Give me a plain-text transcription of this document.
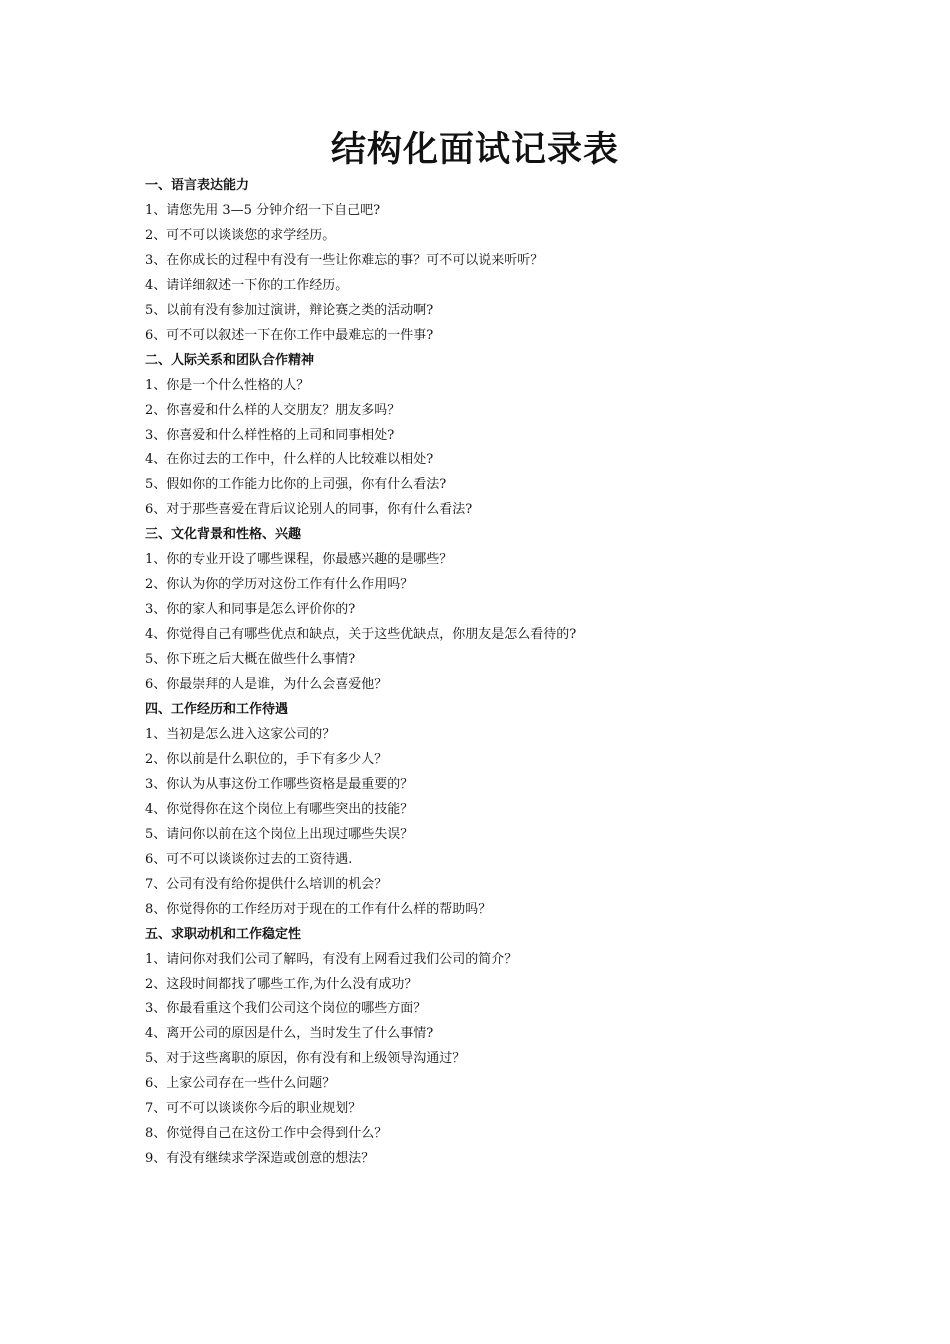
结构化面试记录表

一、语言表达能力

1、请您先用 3—5 分钟介绍一下自己吧?

2、可不可以谈谈您的求学经历。

3、在你成长的过程中有没有一些让你难忘的事？可不可以说来听听？

4、请详细叙述一下你的工作经历。

5、以前有没有参加过演讲，辩论赛之类的活动啊?

6、可不可以叙述一下在你工作中最难忘的一件事?

二、人际关系和团队合作精神

1、你是一个什么性格的人？

2、你喜爱和什么样的人交朋友？朋友多吗？

3、你喜爱和什么样性格的上司和同事相处?

4、在你过去的工作中，什么样的人比较难以相处?

5、假如你的工作能力比你的上司强，你有什么看法?

6、对于那些喜爱在背后议论别人的同事，你有什么看法?

三、文化背景和性格、兴趣

1、你的专业开设了哪些课程，你最感兴趣的是哪些？

2、你认为你的学历对这份工作有什么作用吗？

3、你的家人和同事是怎么评价你的?

4、你觉得自己有哪些优点和缺点，关于这些优缺点，你朋友是怎么看待的?

5、你下班之后大概在做些什么事情?

6、你最崇拜的人是谁，为什么会喜爱他？

四、工作经历和工作待遇

1、当初是怎么进入这家公司的？

2、你以前是什么职位的，手下有多少人？

3、你认为从事这份工作哪些资格是最重要的？

4、你觉得你在这个岗位上有哪些突出的技能？

5、请问你以前在这个岗位上出现过哪些失误？

6、可不可以谈谈你过去的工资待遇.

7、公司有没有给你提供什么培训的机会？

8、你觉得你的工作经历对于现在的工作有什么样的帮助吗？

五、求职动机和工作稳定性

1、请问你对我们公司了解吗，有没有上网看过我们公司的简介？

2、这段时间都找了哪些工作,为什么没有成功？

3、你最看重这个我们公司这个岗位的哪些方面？

4、离开公司的原因是什么，当时发生了什么事情?

5、对于这些离职的原因，你有没有和上级领导沟通过？

6、上家公司存在一些什么问题？

7、可不可以谈谈你今后的职业规划？

8、你觉得自己在这份工作中会得到什么？

9、有没有继续求学深造或创意的想法？
